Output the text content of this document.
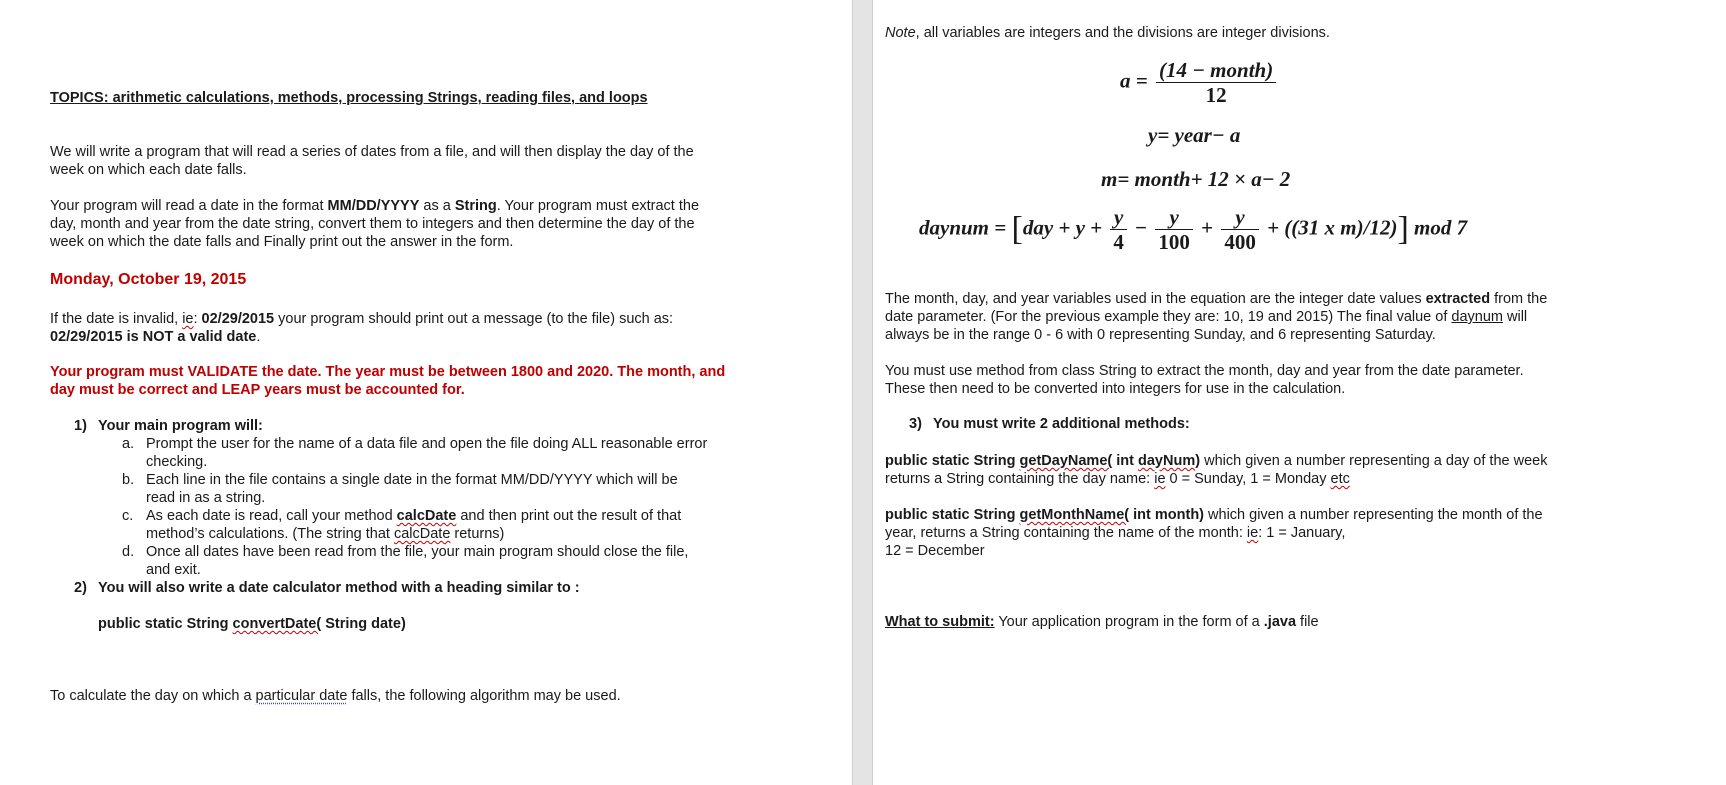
TOPICS: arithmetic calculations, methods, processing Strings, reading files, and loops
We will write a program that will read a series of dates from a file, and will then display the day of the
week on which each date falls.
Your program will read a date in the format MM/DD/YYYY as a String. Your program must extract the
day, month and year from the date string, convert them to integers and then determine the day of the
week on which the date falls and Finally print out the answer in the form.
Monday, October 19, 2015
If the date is invalid, ie: 02/29/2015 your program should print out a message (to the file) such as:
02/29/2015 is NOT a valid date.
Your program must VALIDATE the date. The year must be between 1800 and 2020. The month, and
day must be correct and LEAP years must be accounted for.
1) Your main program will:
a. Prompt the user for the name of a data file and open the file doing ALL reasonable error
checking.
b. Each line in the file contains a single date in the format MM/DD/YYYY which will be
read in as a string.
c. As each date is read, call your method calcDate and then print out the result of that
method’s calculations. (The string that calcDate returns)
d. Once all dates have been read from the file, your main program should close the file,
and exit.
2) You will also write a date calculator method with a heading similar to :
public static String convertDate( String date)
To calculate the day on which a particular date falls, the following algorithm may be used.
Note, all variables are integers and the divisions are integer divisions.
$a = \frac{\text{(14 − month)}}{12}$
y= year− a
m= month+ 12 × a− 2
daynum = [$day + y + \frac{y}{4} - \frac{y}{100} + \frac{y}{400} + ((31$ x m)/12)] mod 7
The month, day, and year variables used in the equation are the integer date values extracted from the
date parameter. (For the previous example they are: 10, 19 and 2015) The final value of daynum will
always be in the range 0 - 6 with 0 representing Sunday, and 6 representing Saturday.
You must use method from class String to extract the month, day and year from the date parameter.
These then need to be converted into integers for use in the calculation.
3) You must write 2 additional methods:
public static String getDayName( int dayNum) which given a number representing a day of the week
returns a String containing the day name: ie 0 = Sunday, 1 = Monday etc
public static String getMonthName( int month) which given a number representing the month of the
year, returns a String containing the name of the month: ie: 1 = January,
12 = December
What to submit: Your application program in the form of a .java file
